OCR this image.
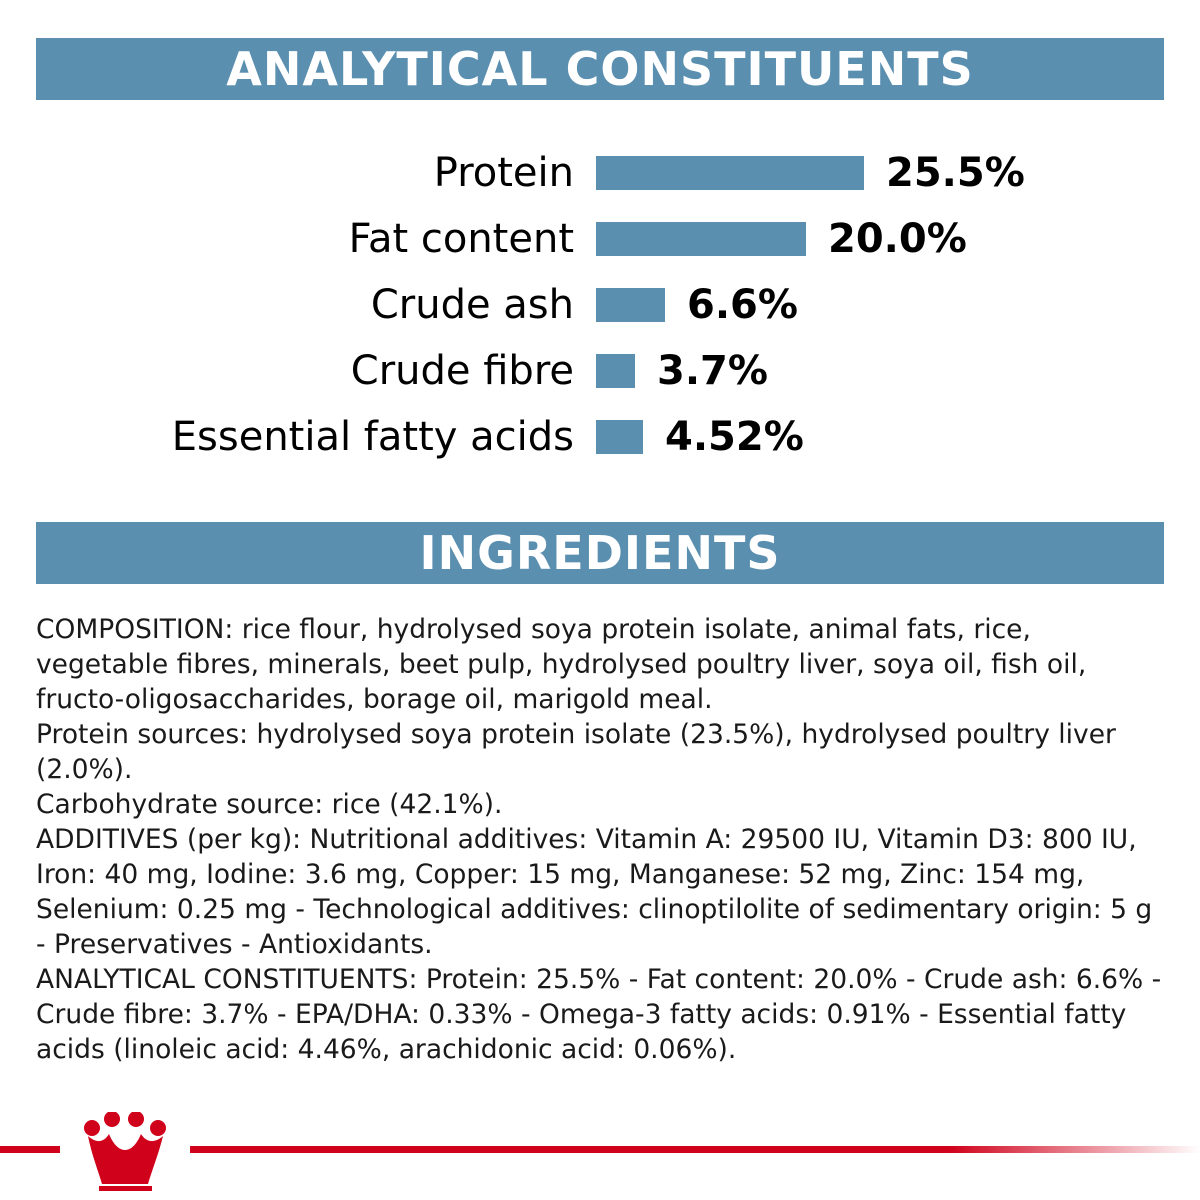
ANALYTICAL CONSTITUENTS
Protein	25.5%
Fat content	20.0%
Crude ash	6.6%
Crude fibre	3.7%
Essential fatty acids	4.52%
INGREDIENTS

COMPOSITION: rice flour, hydrolysed soya protein isolate, animal fats, rice, vegetable fibres, minerals, beet pulp, hydrolysed poultry liver, soya oil, fish oil, fructo-oligosaccharides, borage oil, marigold meal.

Protein sources: hydrolysed soya protein isolate (23.5%), hydrolysed poultry liver (2.0%).

Carbohydrate source: rice (42.1%).

ADDITIVES (per kg): Nutritional additives: Vitamin A: 29500 IU, Vitamin D3: 800 IU, Iron: 40 mg, Iodine: 3.6 mg, Copper: 15 mg, Manganese: 52 mg, Zinc: 154 mg, Selenium: 0.25 mg - Technological additives: clinoptilolite of sedimentary origin: 5 g - Preservatives - Antioxidants.

ANALYTICAL CONSTITUENTS: Protein: 25.5% - Fat content: 20.0% - Crude ash: 6.6% - Crude fibre: 3.7% - EPA/DHA: 0.33% - Omega-3 fatty acids: 0.91% - Essential fatty acids (linoleic acid: 4.46%, arachidonic acid: 0.06%).
